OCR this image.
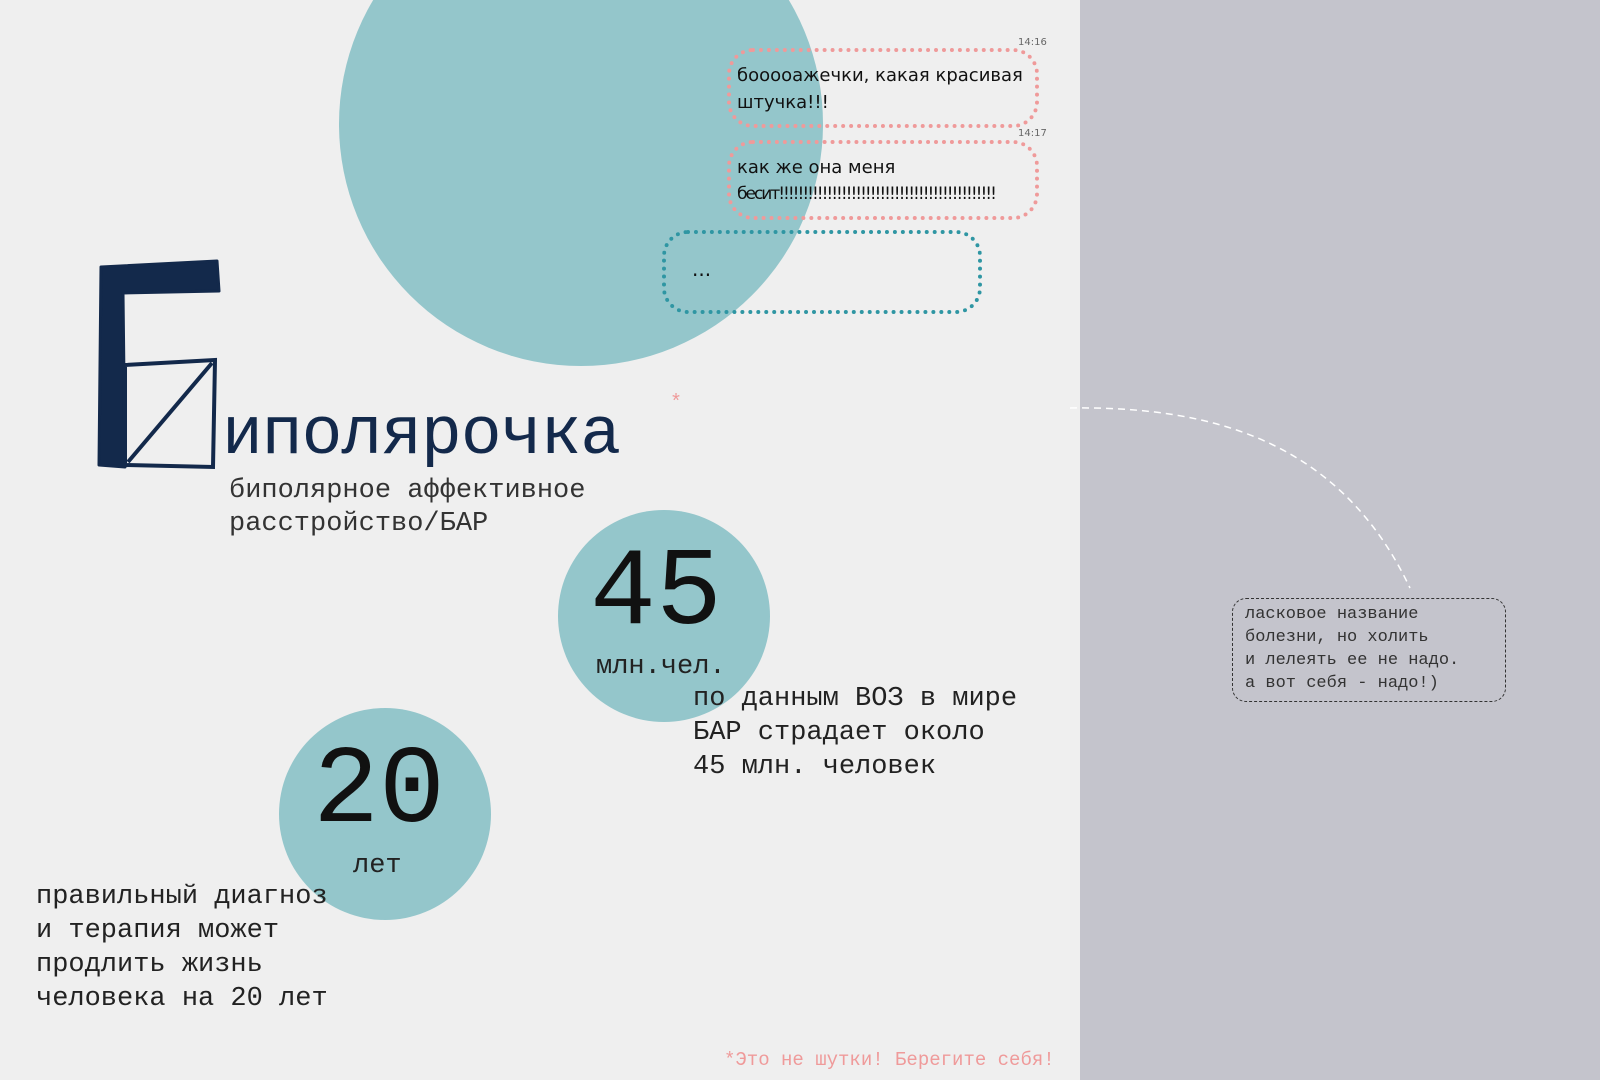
14:16
бооооажечки, какая красивая
штучка!!!
14:17
как же она меня
бесит!!!!!!!!!!!!!!!!!!!!!!!!!!!!!!!!!!!!!!!!!!!!!
...
иполярочка *
биполярное аффективное
расстройство/БАР
45
млн.чел.
по данным ВОЗ в мире
БАР страдает около
45 млн. человек
20
лет
правильный диагноз
и терапия может
продлить жизнь
человека на 20 лет
*Это не шутки! Берегите себя!
ласковое название
болезни, но холить
и лелеять ее не надо.
а вот себя - надо!)
